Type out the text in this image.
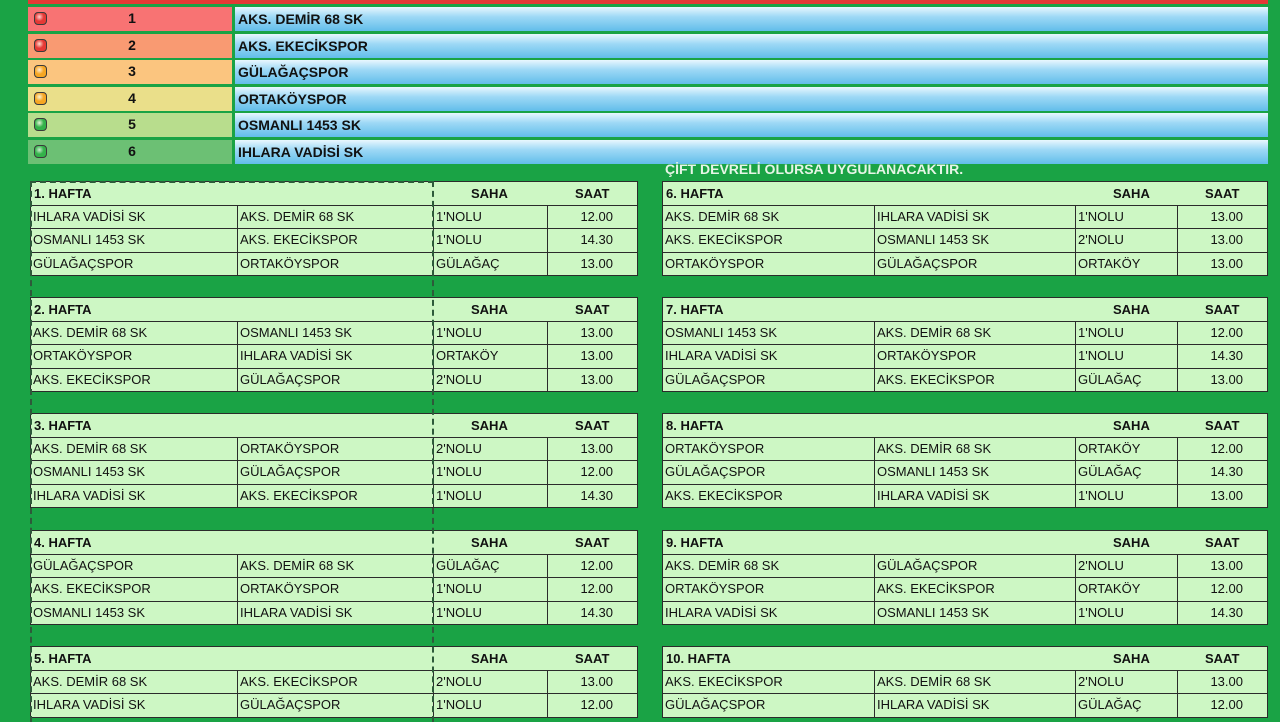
1	AKS. DEMİR 68 SK
2	AKS. EKECİKSPOR
3	GÜLAĞAÇSPOR
4	ORTAKÖYSPOR
5	OSMANLI 1453 SK
6	IHLARA VADİSİ SK
ÇİFT DEVRELİ OLURSA UYGULANACAKTIR.
1. HAFTA	SAHA	SAAT
IHLARA VADİSİ SK	AKS. DEMİR 68 SK	1'NOLU	12.00
OSMANLI 1453 SK	AKS. EKECİKSPOR	1'NOLU	14.30
GÜLAĞAÇSPOR	ORTAKÖYSPOR	GÜLAĞAÇ	13.00
2. HAFTA	SAHA	SAAT
AKS. DEMİR 68 SK	OSMANLI 1453 SK	1'NOLU	13.00
ORTAKÖYSPOR	IHLARA VADİSİ SK	ORTAKÖY	13.00
AKS. EKECİKSPOR	GÜLAĞAÇSPOR	2'NOLU	13.00
3. HAFTA	SAHA	SAAT
AKS. DEMİR 68 SK	ORTAKÖYSPOR	2'NOLU	13.00
OSMANLI 1453 SK	GÜLAĞAÇSPOR	1'NOLU	12.00
IHLARA VADİSİ SK	AKS. EKECİKSPOR	1'NOLU	14.30
4. HAFTA	SAHA	SAAT
GÜLAĞAÇSPOR	AKS. DEMİR 68 SK	GÜLAĞAÇ	12.00
AKS. EKECİKSPOR	ORTAKÖYSPOR	1'NOLU	12.00
OSMANLI 1453 SK	IHLARA VADİSİ SK	1'NOLU	14.30
5. HAFTA	SAHA	SAAT
AKS. DEMİR 68 SK	AKS. EKECİKSPOR	2'NOLU	13.00
IHLARA VADİSİ SK	GÜLAĞAÇSPOR	1'NOLU	12.00
6. HAFTA	SAHA	SAAT
AKS. DEMİR 68 SK	IHLARA VADİSİ SK	1'NOLU	13.00
AKS. EKECİKSPOR	OSMANLI 1453 SK	2'NOLU	13.00
ORTAKÖYSPOR	GÜLAĞAÇSPOR	ORTAKÖY	13.00
7. HAFTA	SAHA	SAAT
OSMANLI 1453 SK	AKS. DEMİR 68 SK	1'NOLU	12.00
IHLARA VADİSİ SK	ORTAKÖYSPOR	1'NOLU	14.30
GÜLAĞAÇSPOR	AKS. EKECİKSPOR	GÜLAĞAÇ	13.00
8. HAFTA	SAHA	SAAT
ORTAKÖYSPOR	AKS. DEMİR 68 SK	ORTAKÖY	12.00
GÜLAĞAÇSPOR	OSMANLI 1453 SK	GÜLAĞAÇ	14.30
AKS. EKECİKSPOR	IHLARA VADİSİ SK	1'NOLU	13.00
9. HAFTA	SAHA	SAAT
AKS. DEMİR 68 SK	GÜLAĞAÇSPOR	2'NOLU	13.00
ORTAKÖYSPOR	AKS. EKECİKSPOR	ORTAKÖY	12.00
IHLARA VADİSİ SK	OSMANLI 1453 SK	1'NOLU	14.30
10. HAFTA	SAHA	SAAT
AKS. EKECİKSPOR	AKS. DEMİR 68 SK	2'NOLU	13.00
GÜLAĞAÇSPOR	IHLARA VADİSİ SK	GÜLAĞAÇ	12.00
